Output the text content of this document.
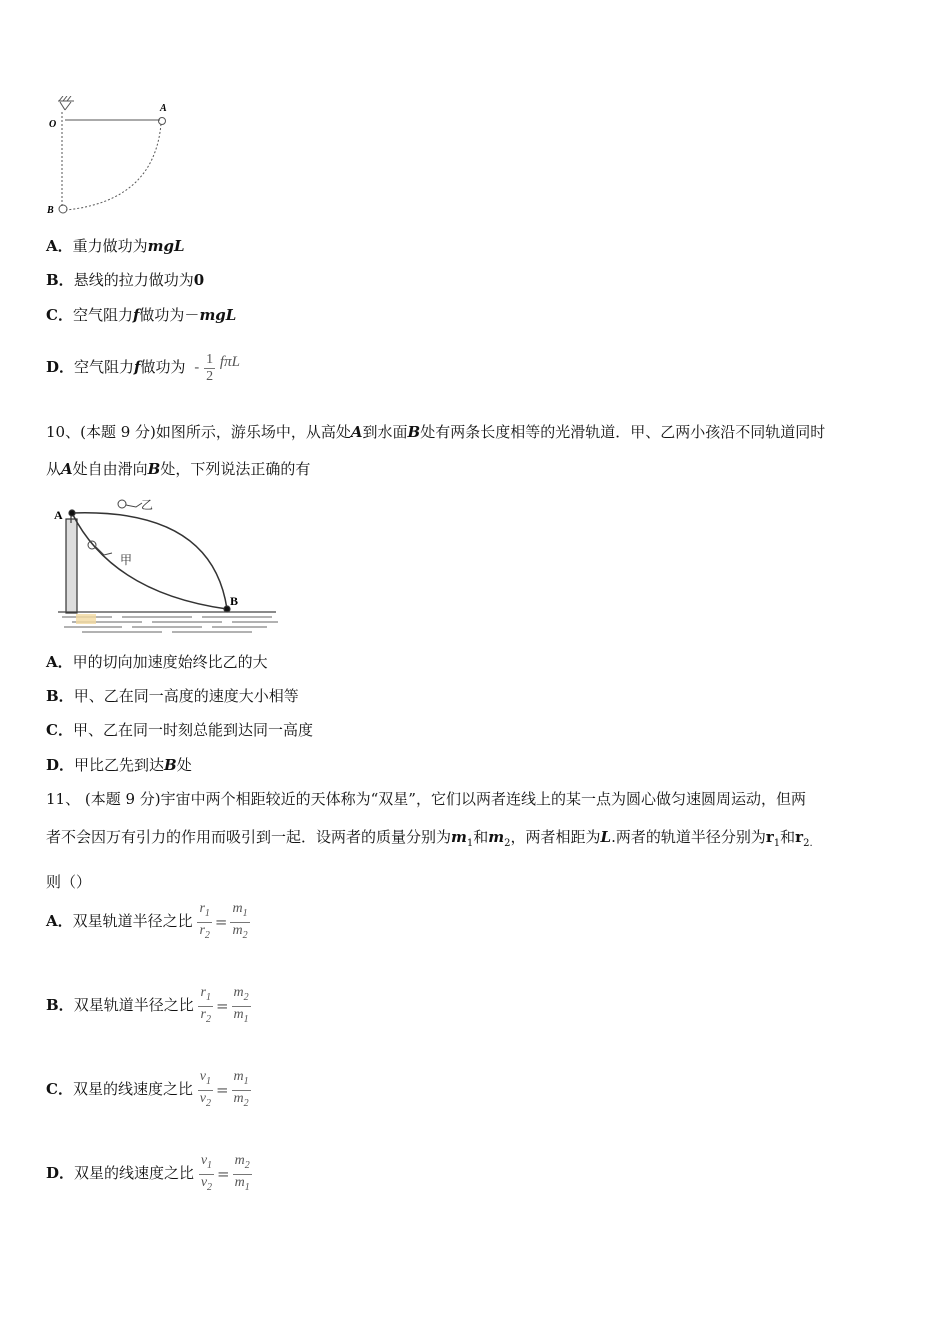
O
A
B
A．重力做功为mgL
B．悬线的拉力做功为0
C．空气阻力f做功为－mgL
D．空气阻力f做功为 - $\frac{1}{2}$ fπL
10、(本题 9 分)如图所示，游乐场中，从高处A到水面B处有两条长度相等的光滑轨道．甲、乙两小孩沿不同轨道同时
从A处自由滑向B处，下列说法正确的有
A
B
甲
乙
A．甲的切向加速度始终比乙的大
B．甲、乙在同一高度的速度大小相等
C．甲、乙在同一时刻总能到达同一高度
D．甲比乙先到达B处
11、 (本题 9 分)宇宙中两个相距较近的天体称为“双星”，它们以两者连线上的某一点为圆心做匀速圆周运动，但两
者不会因万有引力的作用而吸引到一起．设两者的质量分别为$m_1$和$m_2$，两者相距为L.两者的轨道半径分别为$r_1$和$r_{2.}$
则（）
A．双星轨道半径之比 $\frac{r_1}{r_2} = \frac{m_1}{m_2}$
B．双星轨道半径之比 $\frac{r_1}{r_2} = \frac{m_2}{m_1}$
C．双星的线速度之比 $\frac{v_1}{v_2} = \frac{m_1}{m_2}$
D．双星的线速度之比 $\frac{v_1}{v_2} = \frac{m_2}{m_1}$
